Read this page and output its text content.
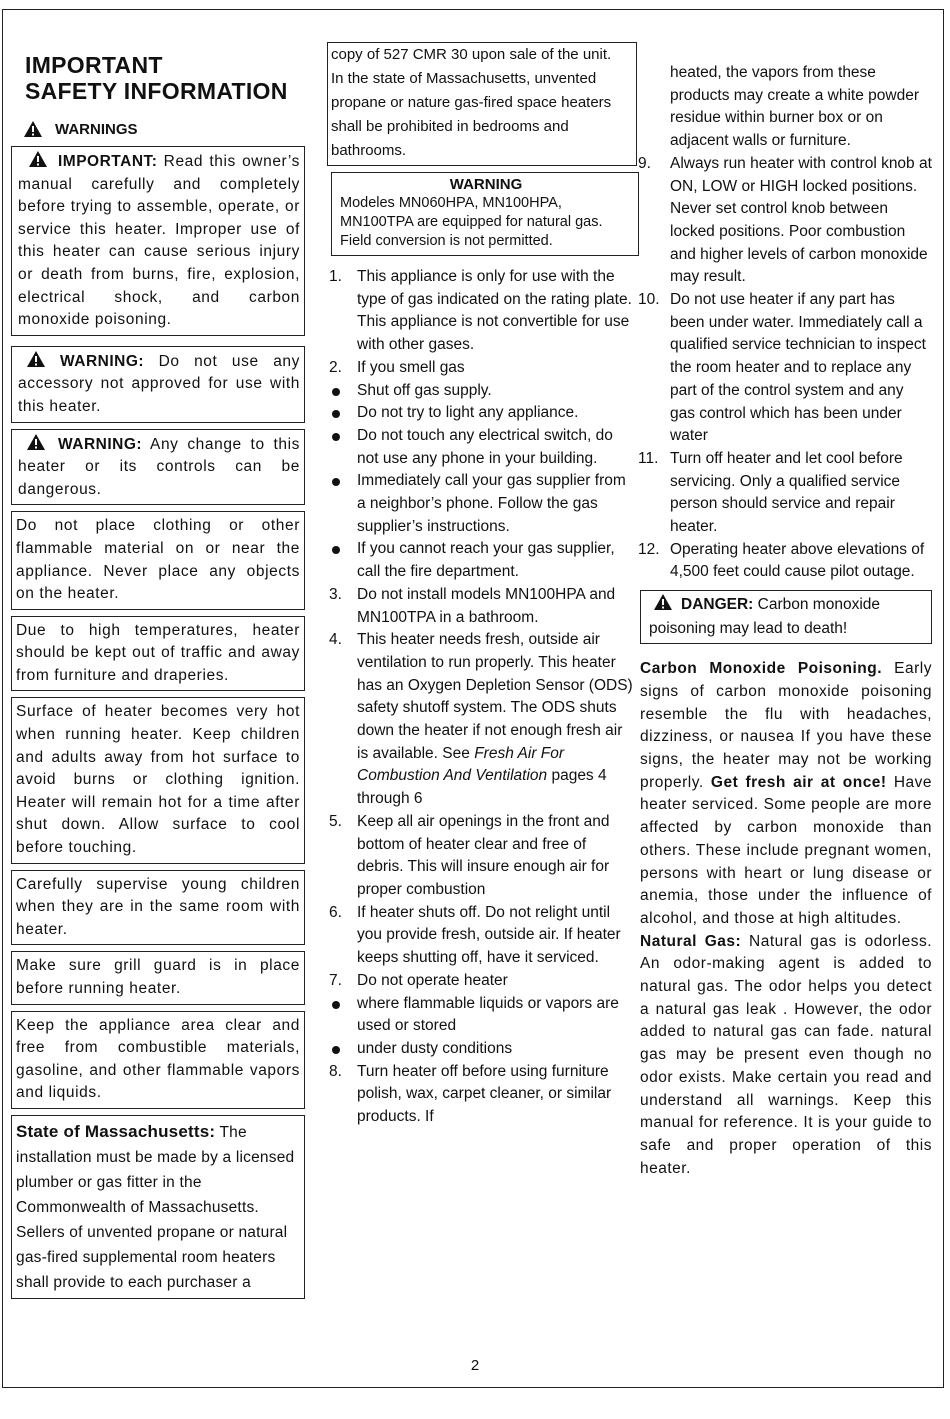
IMPORTANT
SAFETY INFORMATION
WARNINGS
IMPORTANT: Read this owner’s manual carefully and completely before trying to assemble, operate, or service this heater. Improper use of this heater can cause serious injury or death from burns, fire, explosion, electrical shock, and carbon monoxide poisoning.
WARNING: Do not use any accessory not approved for use with this heater.
WARNING: Any change to this heater or its controls can be dangerous.
Do not place clothing or other flammable material on or near the appliance. Never place any objects on the heater.
Due to high temperatures, heater should be kept out of traffic and away from furniture and draperies.
Surface of heater becomes very hot when running heater. Keep children and adults away from hot surface to avoid burns or clothing ignition. Heater will remain hot for a time after shut down. Allow surface to cool before touching.
Carefully supervise young children when they are in the same room with heater.
Make sure grill guard is in place before running heater.
Keep the appliance area clear and free from combustible materials, gasoline, and other flammable vapors and liquids.
State of Massachusetts: The installation must be made by a licensed plumber or gas fitter in the Commonwealth of Massachusetts. Sellers of unvented propane or natural gas-fired supplemental room heaters shall provide to each purchaser a
copy of 527 CMR 30 upon sale of the unit.
In the state of Massachusetts, unvented propane or nature gas-fired space heaters shall be prohibited in bedrooms and bathrooms.
WARNING
Modeles MN060HPA, MN100HPA, MN100TPA are equipped for natural gas. Field conversion is not permitted.
1. This appliance is only for use with the type of gas indicated on the rating plate. This appliance is not convertible for use with other gases.
2. If you smell gas
Shut off gas supply.
Do not try to light any appliance.
Do not touch any electrical switch, do not use any phone in your building.
Immediately call your gas supplier from a neighbor’s phone. Follow the gas supplier’s instructions.
If you cannot reach your gas supplier, call the fire department.
3. Do not install models MN100HPA and MN100TPA in a bathroom.
4. This heater needs fresh, outside air ventilation to run properly. This heater has an Oxygen Depletion Sensor (ODS) safety shutoff system. The ODS shuts down the heater if not enough fresh air is available. See Fresh Air For Combustion And Ventilation pages 4 through 6
5. Keep all air openings in the front and bottom of heater clear and free of debris. This will insure enough air for proper combustion
6. If heater shuts off. Do not relight until you provide fresh, outside air. If heater keeps shutting off, have it serviced.
7. Do not operate heater
where flammable liquids or vapors are used or stored
under dusty conditions
8. Turn heater off before using furniture polish, wax, carpet cleaner, or similar products. If
heated, the vapors from these products may create a white powder residue within burner box or on adjacent walls or furniture.
9. Always run heater with control knob at ON, LOW or HIGH locked positions. Never set control knob between locked positions. Poor combustion and higher levels of carbon monoxide may result.
10. Do not use heater if any part has been under water. Immediately call a qualified service technician to inspect the room heater and to replace any part of the control system and any gas control which has been under water
11. Turn off heater and let cool before servicing. Only a qualified service person should service and repair heater.
12. Operating heater above elevations of 4,500 feet could cause pilot outage.
DANGER: Carbon monoxide poisoning may lead to death!

Carbon Monoxide Poisoning. Early signs of carbon monoxide poisoning resemble the flu with headaches, dizziness, or nausea If you have these signs, the heater may not be working properly. Get fresh air at once! Have heater serviced. Some people are more affected by carbon monoxide than others. These include pregnant women, persons with heart or lung disease or anemia, those under the influence of alcohol, and those at high altitudes.

Natural Gas: Natural gas is odorless. An odor-making agent is added to natural gas. The odor helps you detect a natural gas leak . However, the odor added to natural gas can fade. natural gas may be present even though no odor exists. Make certain you read and understand all warnings. Keep this manual for reference. It is your guide to safe and proper operation of this heater.

2
